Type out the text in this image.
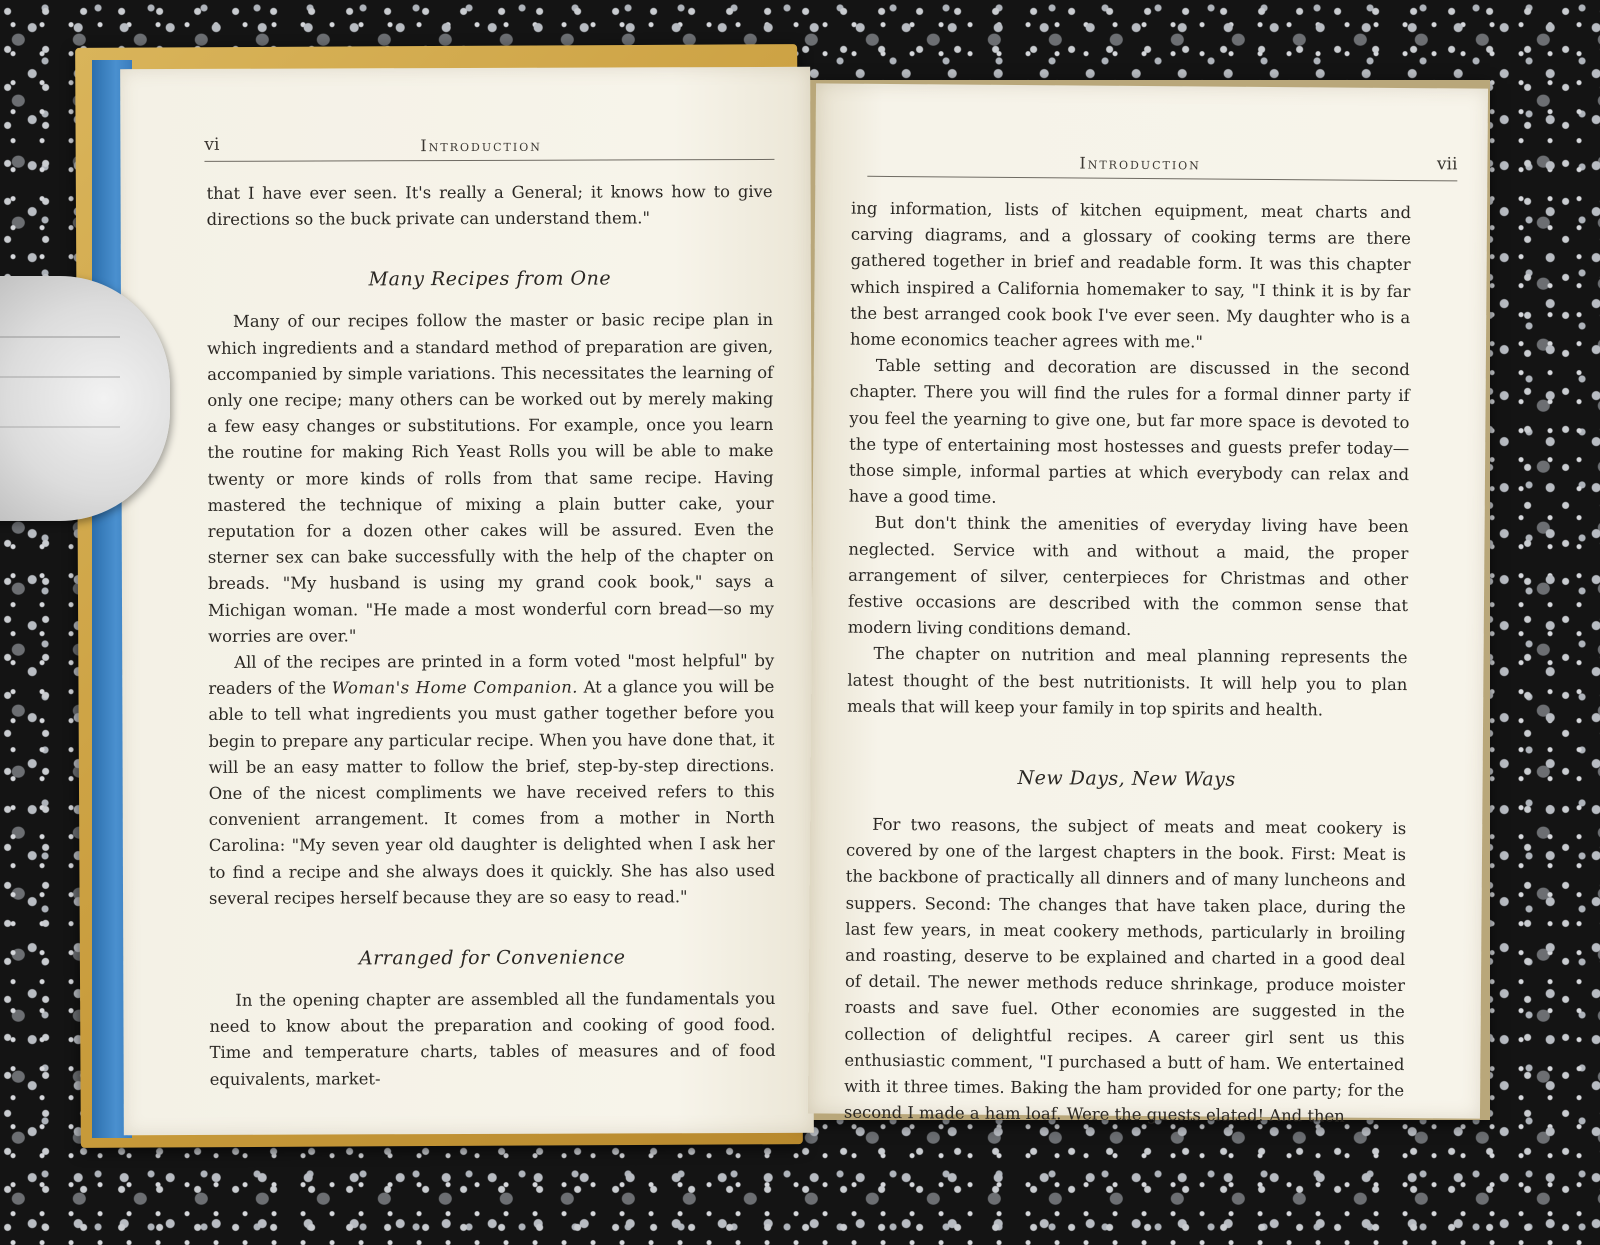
vi	Introduction

that I have ever seen. It's really a General; it knows how to give directions so the buck private can understand them."

Many Recipes from One

Many of our recipes follow the master or basic recipe plan in which ingredients and a standard method of preparation are given, accompanied by simple variations. This necessitates the learning of only one recipe; many others can be worked out by merely making a few easy changes or substitutions. For example, once you learn the routine for making Rich Yeast Rolls you will be able to make twenty or more kinds of rolls from that same recipe. Having mastered the technique of mixing a plain butter cake, your reputation for a dozen other cakes will be assured. Even the sterner sex can bake successfully with the help of the chapter on breads. "My husband is using my grand cook book," says a Michigan woman. "He made a most wonderful corn bread—so my worries are over."

All of the recipes are printed in a form voted "most helpful" by readers of the Woman's Home Companion. At a glance you will be able to tell what ingredients you must gather together before you begin to prepare any particular recipe. When you have done that, it will be an easy matter to follow the brief, step-by-step directions. One of the nicest compliments we have received refers to this convenient arrangement. It comes from a mother in North Carolina: "My seven year old daughter is delighted when I ask her to find a recipe and she always does it quickly. She has also used several recipes herself because they are so easy to read."

Arranged for Convenience

In the opening chapter are assembled all the fundamentals you need to know about the preparation and cooking of good food. Time and temperature charts, tables of measures and of food equivalents, market-

Introduction	vii

ing information, lists of kitchen equipment, meat charts and carving diagrams, and a glossary of cooking terms are there gathered together in brief and readable form. It was this chapter which inspired a California homemaker to say, "I think it is by far the best arranged cook book I've ever seen. My daughter who is a home economics teacher agrees with me."

Table setting and decoration are discussed in the second chapter. There you will find the rules for a formal dinner party if you feel the yearning to give one, but far more space is devoted to the type of entertaining most hostesses and guests prefer today—those simple, informal parties at which everybody can relax and have a good time.

But don't think the amenities of everyday living have been neglected. Service with and without a maid, the proper arrangement of silver, centerpieces for Christmas and other festive occasions are described with the common sense that modern living conditions demand.

The chapter on nutrition and meal planning represents the latest thought of the best nutritionists. It will help you to plan meals that will keep your family in top spirits and health.

New Days, New Ways

For two reasons, the subject of meats and meat cookery is covered by one of the largest chapters in the book. First: Meat is the backbone of practically all dinners and of many luncheons and suppers. Second: The changes that have taken place, during the last few years, in meat cookery methods, particularly in broiling and roasting, deserve to be explained and charted in a good deal of detail. The newer methods reduce shrinkage, produce moister roasts and save fuel. Other economies are suggested in the collection of delightful recipes. A career girl sent us this enthusiastic comment, "I purchased a butt of ham. We entertained with it three times. Baking the ham provided for one party; for the second I made a ham loaf. Were the guests elated! And then
